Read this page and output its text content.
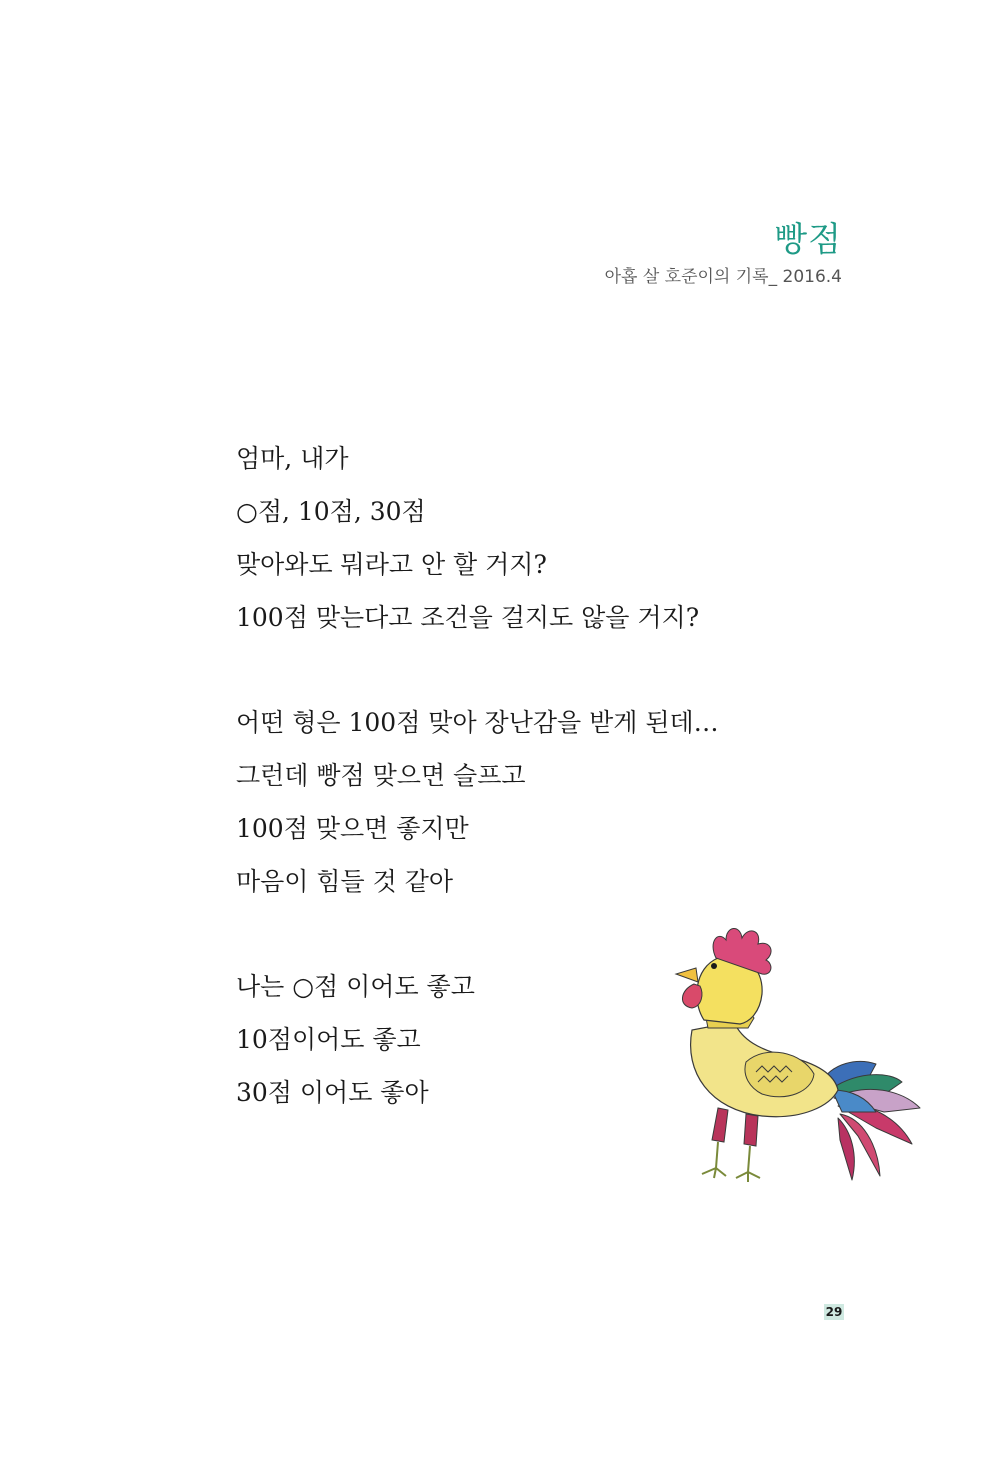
빵점

아홉 살 호준이의 기록_ 2016.4

엄마, 내가

○점, 10점, 30점

맞아와도 뭐라고 안 할 거지?

100점 맞는다고 조건을 걸지도 않을 거지?

어떤 형은 100점 맞아 장난감을 받게 된데…

그런데 빵점 맞으면 슬프고

100점 맞으면 좋지만

마음이 힘들 것 같아

나는 ○점 이어도 좋고

10점이어도 좋고

30점 이어도 좋아

29
